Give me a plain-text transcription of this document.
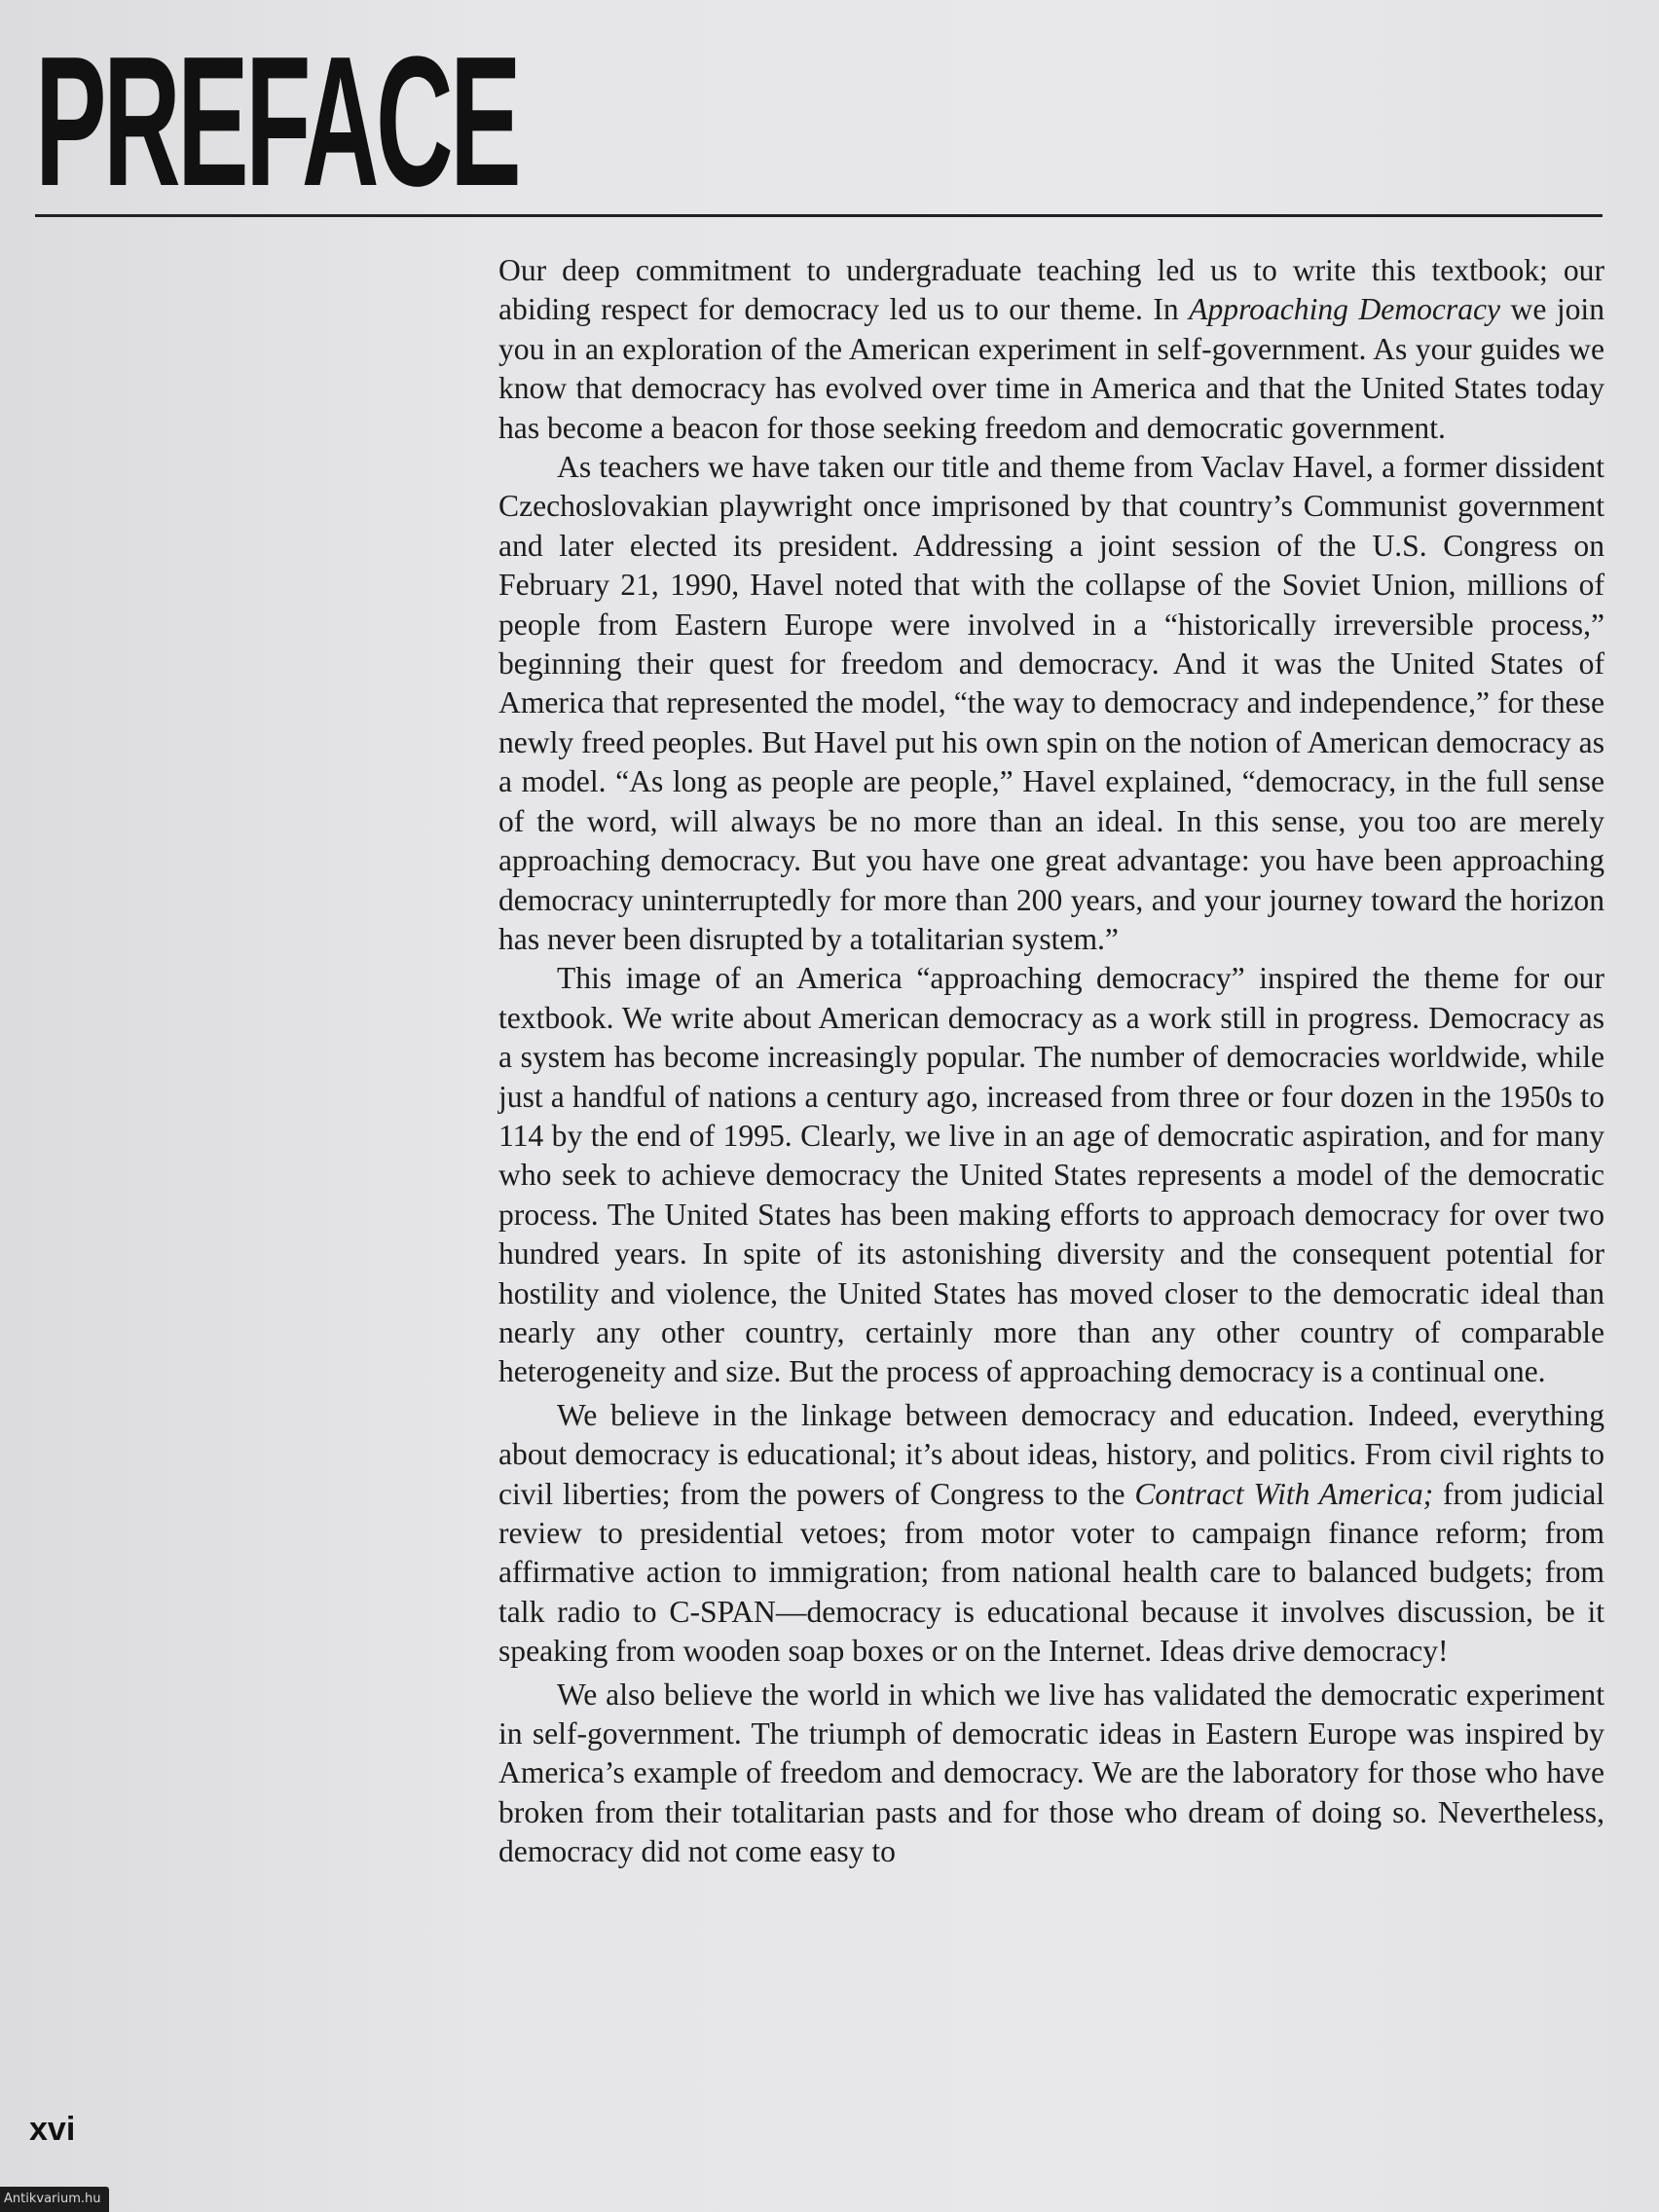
PREFACE

Our deep commitment to undergraduate teaching led us to write this textbook; our abiding respect for democracy led us to our theme. In Approaching Democracy we join you in an exploration of the American experiment in self-government. As your guides we know that democracy has evolved over time in America and that the United States today has become a beacon for those seeking freedom and democratic government.

As teachers we have taken our title and theme from Vaclav Havel, a former dissident Czechoslovakian playwright once imprisoned by that country’s Communist government and later elected its president. Addressing a joint session of the U.S. Congress on February 21, 1990, Havel noted that with the collapse of the Soviet Union, millions of people from Eastern Europe were involved in a “historically irreversible process,” beginning their quest for freedom and democracy. And it was the United States of America that represented the model, “the way to democracy and independence,” for these newly freed peoples. But Havel put his own spin on the notion of American democracy as a model. “As long as people are people,” Havel explained, “democracy, in the full sense of the word, will always be no more than an ideal. In this sense, you too are merely approaching democracy. But you have one great advantage: you have been approaching democracy uninterruptedly for more than 200 years, and your journey toward the horizon has never been disrupted by a totalitarian system.”

This image of an America “approaching democracy” inspired the theme for our textbook. We write about American democracy as a work still in progress. Democracy as a system has become increasingly popular. The number of democracies worldwide, while just a handful of nations a century ago, increased from three or four dozen in the 1950s to 114 by the end of 1995. Clearly, we live in an age of democratic aspiration, and for many who seek to achieve democracy the United States represents a model of the democratic process. The United States has been making efforts to approach democracy for over two hundred years. In spite of its astonishing diversity and the consequent potential for hostility and violence, the United States has moved closer to the democratic ideal than nearly any other country, certainly more than any other country of comparable heterogeneity and size. But the process of approaching democracy is a continual one.

We believe in the linkage between democracy and education. Indeed, everything about democracy is educational; it’s about ideas, history, and politics. From civil rights to civil liberties; from the powers of Congress to the Contract With America; from judicial review to presidential vetoes; from motor voter to campaign finance reform; from affirmative action to immigration; from national health care to balanced budgets; from talk radio to C-SPAN—democracy is educational because it involves discussion, be it speaking from wooden soap boxes or on the Internet. Ideas drive democracy!

We also believe the world in which we live has validated the democratic experiment in self-government. The triumph of democratic ideas in Eastern Europe was inspired by America’s example of freedom and democracy. We are the laboratory for those who have broken from their totalitarian pasts and for those who dream of doing so. Nevertheless, democracy did not come easy to

xvi
Antikvarium.hu
